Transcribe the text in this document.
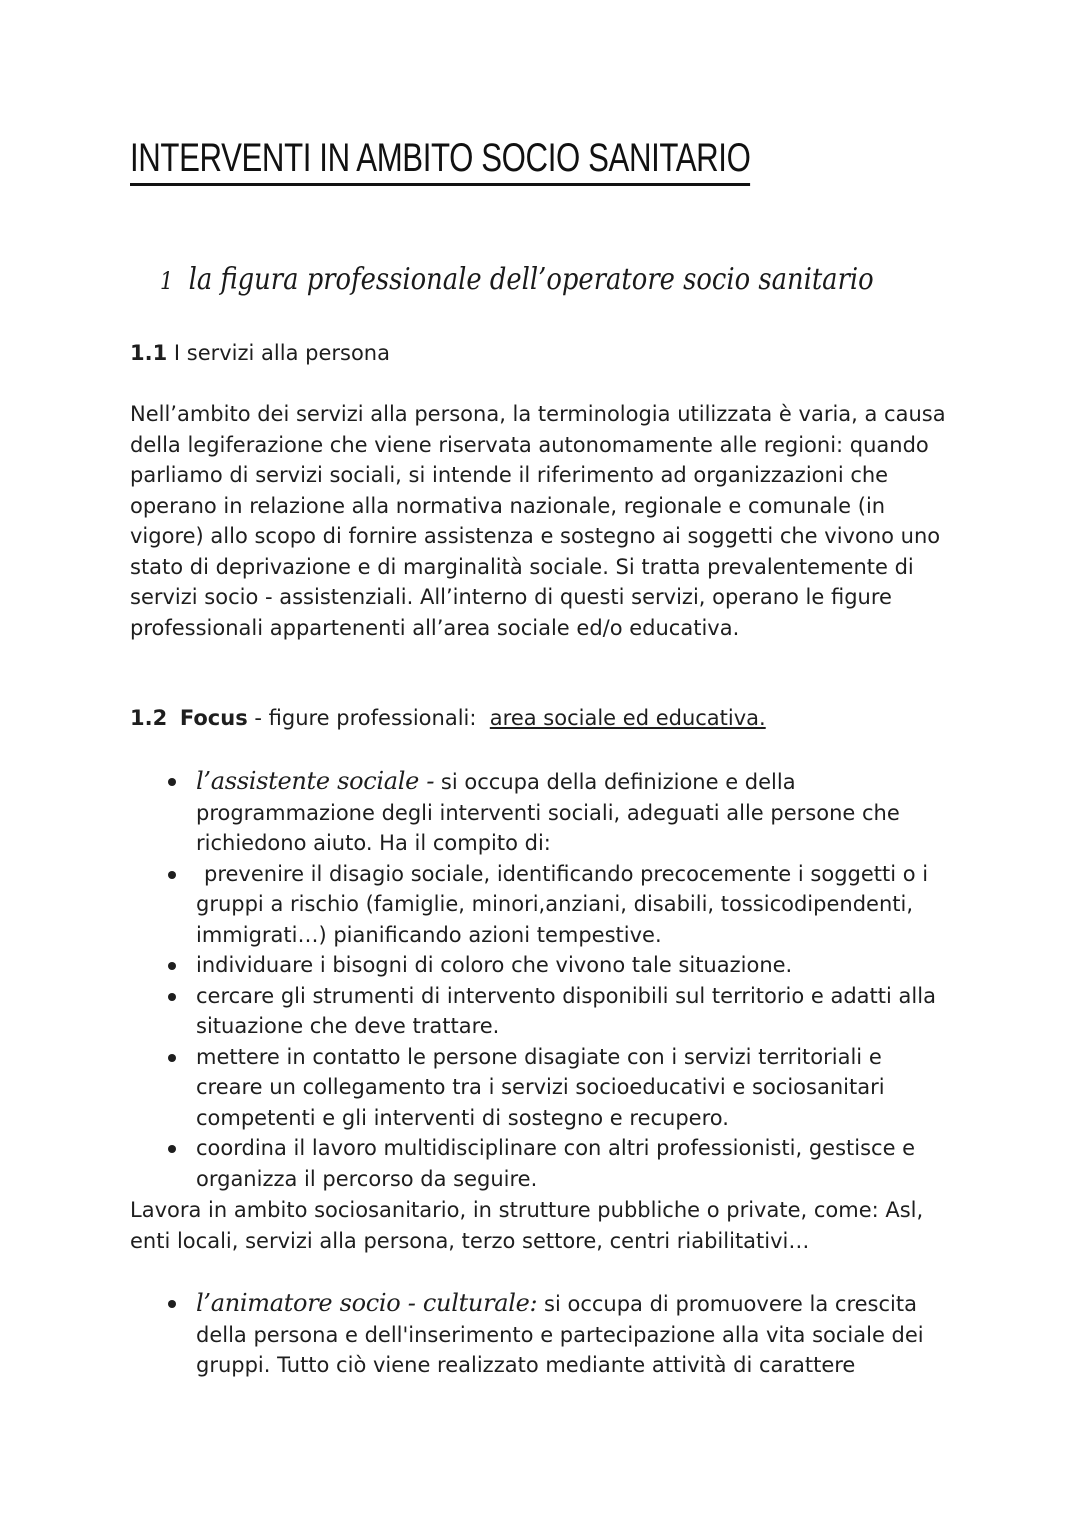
INTERVENTI IN AMBITO SOCIO SANITARIO
1 la figura professionale dell’operatore socio sanitario
1.1 I servizi alla persona

Nell’ambito dei servizi alla persona, la terminologia utilizzata è varia, a causa della legiferazione che viene riservata autonomamente alle regioni: quando parliamo di servizi sociali, si intende il riferimento ad organizzazioni che operano in relazione alla normativa nazionale, regionale e comunale (in vigore) allo scopo di fornire assistenza e sostegno ai soggetti che vivono uno stato di deprivazione e di marginalità sociale. Si tratta prevalentemente di servizi socio - assistenziali. All’interno di questi servizi, operano le figure professionali appartenenti all’area sociale ed/o educativa.

1.2 Focus - figure professionali:  area sociale ed educativa.
l’assistente sociale - si occupa della definizione e della programmazione degli interventi sociali, adeguati alle persone che richiedono aiuto. Ha il compito di:
prevenire il disagio sociale, identificando precocemente i soggetti o i gruppi a rischio (famiglie, minori,anziani, disabili, tossicodipendenti, immigrati…) pianificando azioni tempestive.
individuare i bisogni di coloro che vivono tale situazione.
cercare gli strumenti di intervento disponibili sul territorio e adatti alla situazione che deve trattare.
mettere in contatto le persone disagiate con i servizi territoriali e creare un collegamento tra i servizi socioeducativi e sociosanitari competenti e gli interventi di sostegno e recupero.
coordina il lavoro multidisciplinare con altri professionisti, gestisce e organizza il percorso da seguire.

Lavora in ambito sociosanitario, in strutture pubbliche o private, come: Asl, enti locali, servizi alla persona, terzo settore, centri riabilitativi…

l’animatore socio - culturale: si occupa di promuovere la crescita della persona e dell'inserimento e partecipazione alla vita sociale dei gruppi. Tutto ciò viene realizzato mediante attività di carattere
